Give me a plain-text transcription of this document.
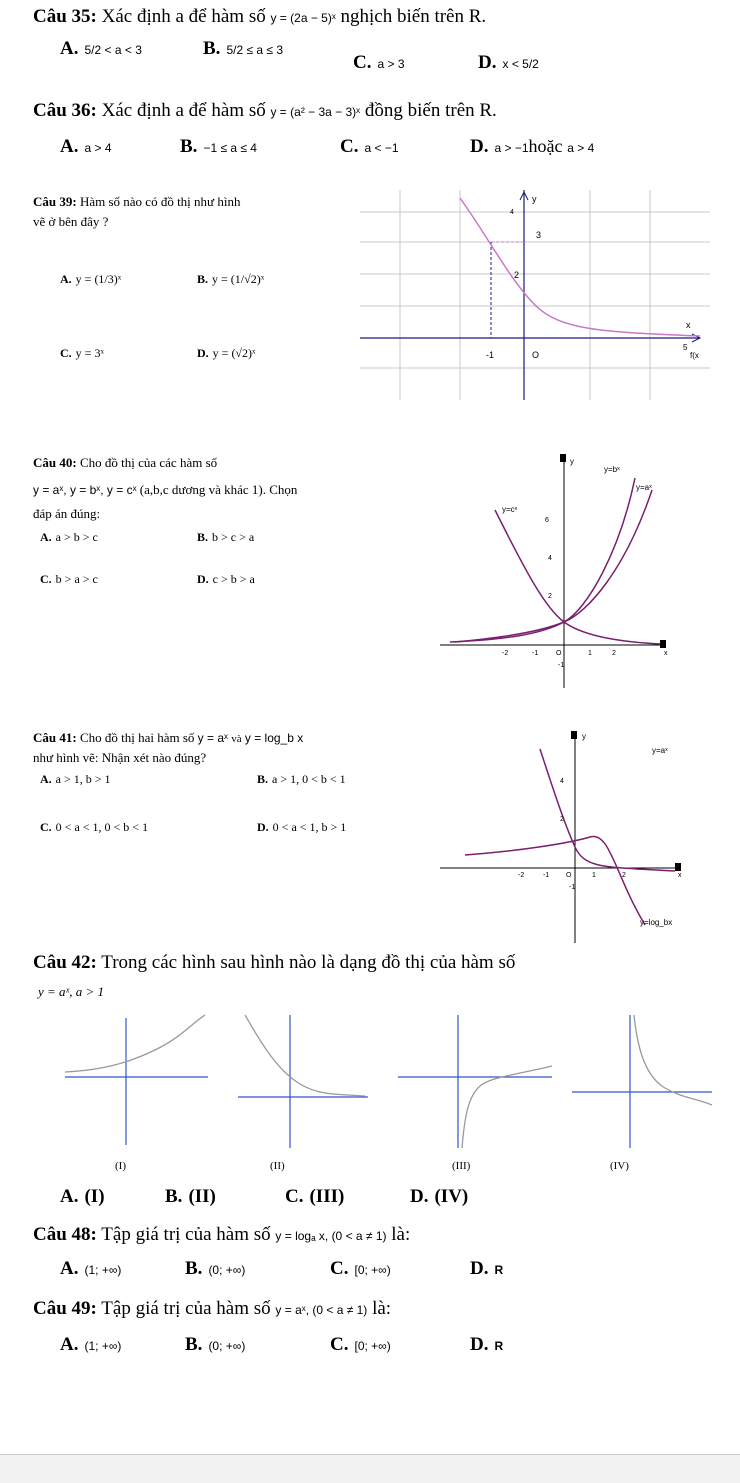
Câu 35: Xác định a để hàm số y = (2a − 5)ˣ nghịch biến trên R.
A. 5/2 < a < 3	B. 5/2 ≤ a ≤ 3
C. a > 3	D. x < 5/2
Câu 36: Xác định a để hàm số y = (a² − 3a − 3)ˣ đồng biến trên R.
A. a > 4	B. −1 ≤ a ≤ 4	C. a < −1	D. a > −1hoặc a > 4
Câu 39: Hàm số nào có đồ thị như hình
vẽ ở bên đây ?
A. y = (1/3)ˣ	B. y = (1/√2)ˣ
C. y = 3ˣ	D. y = (√2)ˣ
y
4
3
2
-1	O
x
5
f(x
Câu 40: Cho đồ thị của các hàm số
y = aˣ, y = bˣ, y = cˣ (a,b,c dương và khác 1). Chọn
đáp án đúng:
A. a > b > c	B. b > c > a
C. b > a > c	D. c > b > a
y
y=bˣ
y=aˣ
y=cˣ
6
4
2
-2	-1	O	1	2
-1
x
Câu 41: Cho đồ thị hai hàm số y = aˣ và y = log_b x
như hình vẽ: Nhận xét nào đúng?
A. a > 1, b > 1	B. a > 1, 0 < b < 1
C. 0 < a < 1, 0 < b < 1	D. 0 < a < 1, b > 1
y
y=aˣ
4
2
-2	-1 O	1	2
-1
x
y=log_bx
Câu 42: Trong các hình sau hình nào là dạng đồ thị của hàm số
y = aˣ, a > 1
(I)	(II)	(III)	(IV)
A. (I)	B. (II)	C. (III)	D. (IV)
Câu 48: Tập giá trị của hàm số y = logₐ x, (0 < a ≠ 1) là:
A. (1; +∞)	B. (0; +∞)	C. [0; +∞)	D. R
Câu 49: Tập giá trị của hàm số y = aˣ, (0 < a ≠ 1) là:
A. (1; +∞)	B. (0; +∞)	C. [0; +∞)	D. R
